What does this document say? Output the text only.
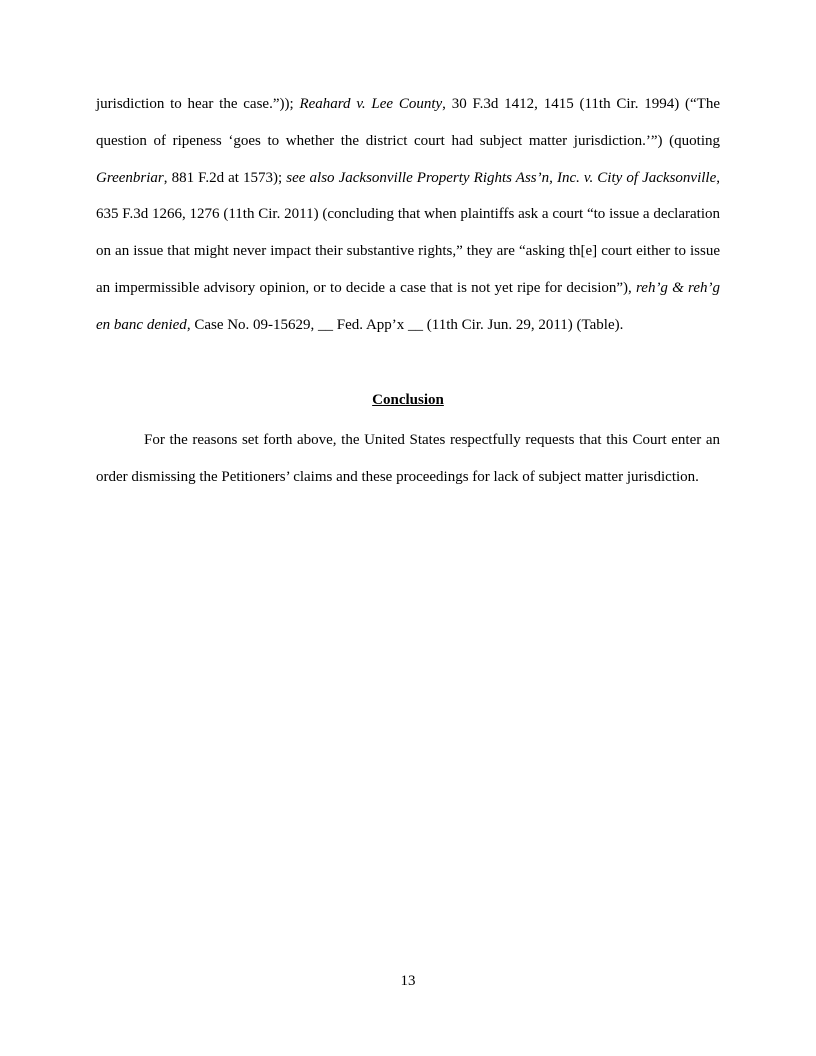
jurisdiction to hear the case.”)); Reahard v. Lee County, 30 F.3d 1412, 1415 (11th Cir. 1994) (“The question of ripeness ‘goes to whether the district court had subject matter jurisdiction.’”) (quoting Greenbriar, 881 F.2d at 1573); see also Jacksonville Property Rights Ass’n, Inc. v. City of Jacksonville, 635 F.3d 1266, 1276 (11th Cir. 2011) (concluding that when plaintiffs ask a court “to issue a declaration on an issue that might never impact their substantive rights,” they are “asking th[e] court either to issue an impermissible advisory opinion, or to decide a case that is not yet ripe for decision”), reh’g & reh’g en banc denied, Case No. 09-15629, __ Fed. App’x __ (11th Cir. Jun. 29, 2011) (Table).

Conclusion

For the reasons set forth above, the United States respectfully requests that this Court enter an order dismissing the Petitioners’ claims and these proceedings for lack of subject matter jurisdiction.

13
